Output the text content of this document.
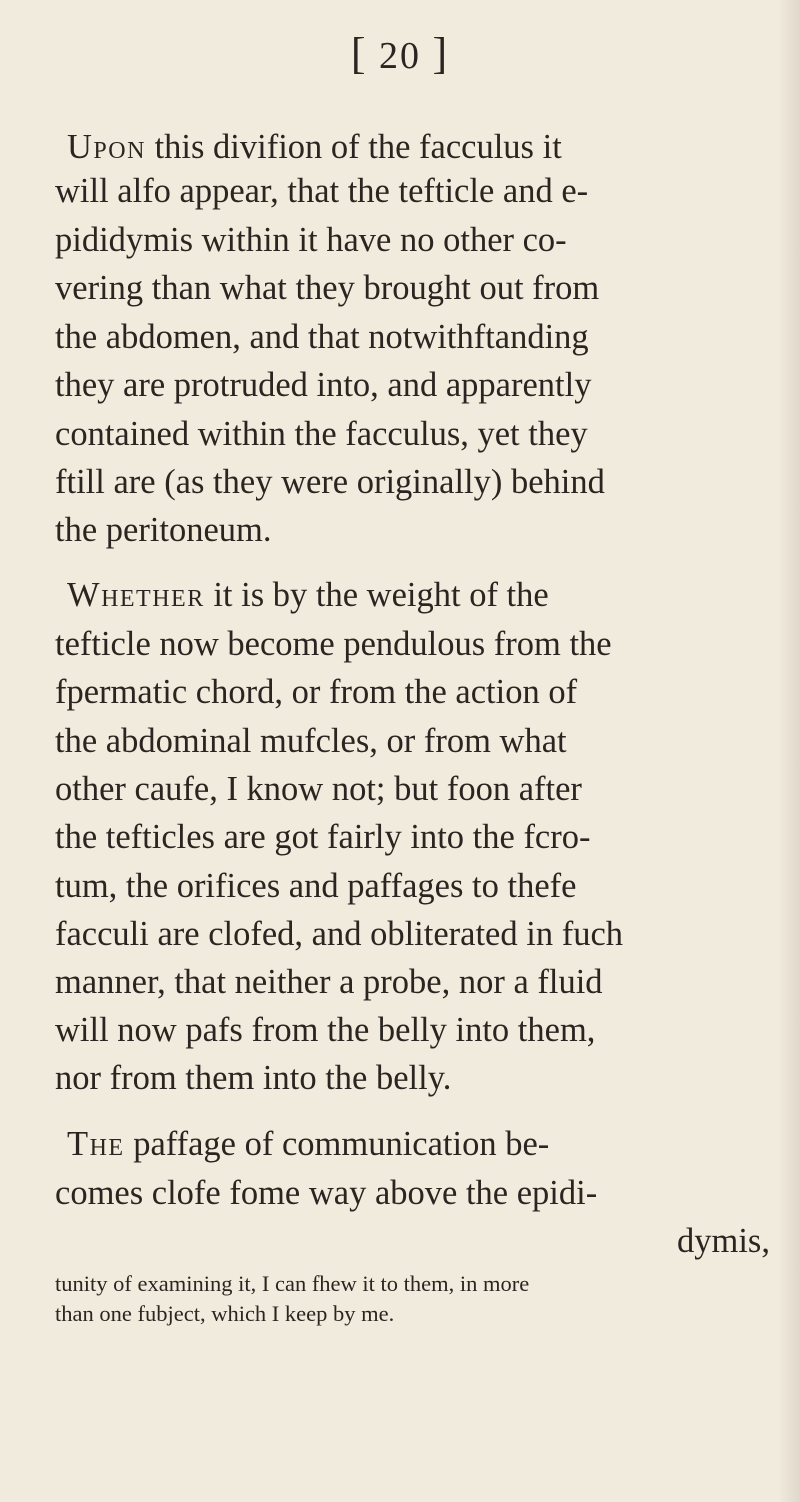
[ 20 ]
Upon this divifion of the facculus it
will alfo appear, that the tefticle and e-
pididymis within it have no other co-
vering than what they brought out from
the abdomen, and that notwithftanding
they are protruded into, and apparently
contained within the facculus, yet they
ftill are (as they were originally) behind
the peritoneum.
Whether it is by the weight of the
tefticle now become pendulous from the
fpermatic chord, or from the action of
the abdominal mufcles, or from what
other caufe, I know not; but foon after
the tefticles are got fairly into the fcro-
tum, the orifices and paffages to thefe
facculi are clofed, and obliterated in fuch
manner, that neither a probe, nor a fluid
will now pafs from the belly into them,
nor from them into the belly.
The paffage of communication be-
comes clofe fome way above the epidi-
dymis,
tunity of examining it, I can fhew it to them, in more
than one fubject, which I keep by me.
